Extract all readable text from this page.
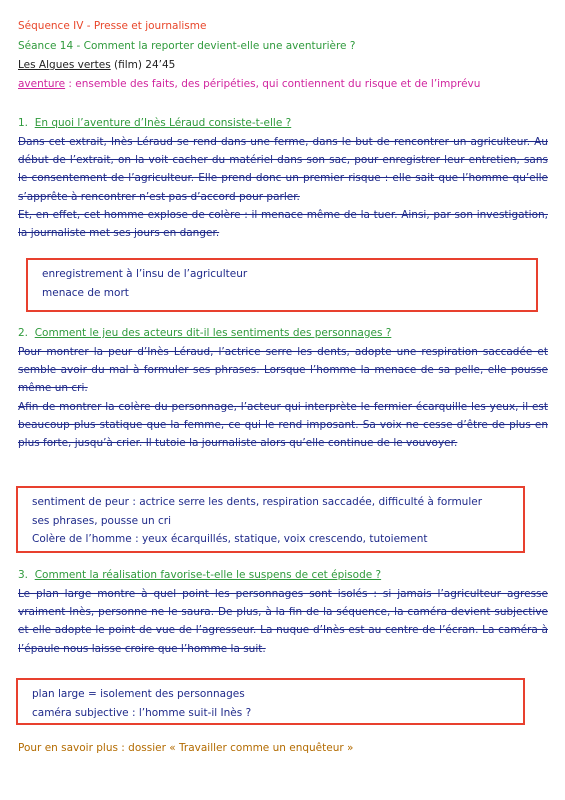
Séquence IV - Presse et journalisme
Séance 14 - Comment la reporter devient-elle une aventurière ?
Les Algues vertes (film) 24’45
aventure : ensemble des faits, des péripéties, qui contiennent du risque et de l’imprévu
1. En quoi l’aventure d’Inès Léraud consiste-t-elle ?

Dans cet extrait, Inès Léraud se rend dans une ferme, dans le but de rencontrer un agriculteur. Au début de l’extrait, on la voit cacher du matériel dans son sac, pour enregistrer leur entretien, sans le consentement de l’agriculteur. Elle prend donc un premier risque : elle sait que l’homme qu’elle s’apprête à rencontrer n’est pas d’accord pour parler.

Et, en effet, cet homme explose de colère : il menace même de la tuer. Ainsi, par son investigation, la journaliste met ses jours en danger.

enregistrement à l’insu de l’agriculteur
menace de mort
2. Comment le jeu des acteurs dit-il les sentiments des personnages ?

Pour montrer la peur d’Inès Léraud, l’actrice serre les dents, adopte une respiration saccadée et semble avoir du mal à formuler ses phrases. Lorsque l’homme la menace de sa pelle, elle pousse même un cri.

Afin de montrer la colère du personnage, l’acteur qui interprète le fermier écarquille les yeux, il est beaucoup plus statique que la femme, ce qui le rend imposant. Sa voix ne cesse d’être de plus en plus forte, jusqu’à crier. Il tutoie la journaliste alors qu’elle continue de le vouvoyer.

sentiment de peur : actrice serre les dents, respiration saccadée, difficulté à formuler
ses phrases, pousse un cri
Colère de l’homme : yeux écarquillés, statique, voix crescendo, tutoiement
3. Comment la réalisation favorise-t-elle le suspens de cet épisode ?

Le plan large montre à quel point les personnages sont isolés : si jamais l’agriculteur agresse vraiment Inès, personne ne le saura. De plus, à la fin de la séquence, la caméra devient subjective et elle adopte le point de vue de l’agresseur. La nuque d’Inès est au centre de l’écran. La caméra à l’épaule nous laisse croire que l’homme la suit.

plan large = isolement des personnages
caméra subjective : l’homme suit-il Inès ?
Pour en savoir plus : dossier « Travailler comme un enquêteur »
